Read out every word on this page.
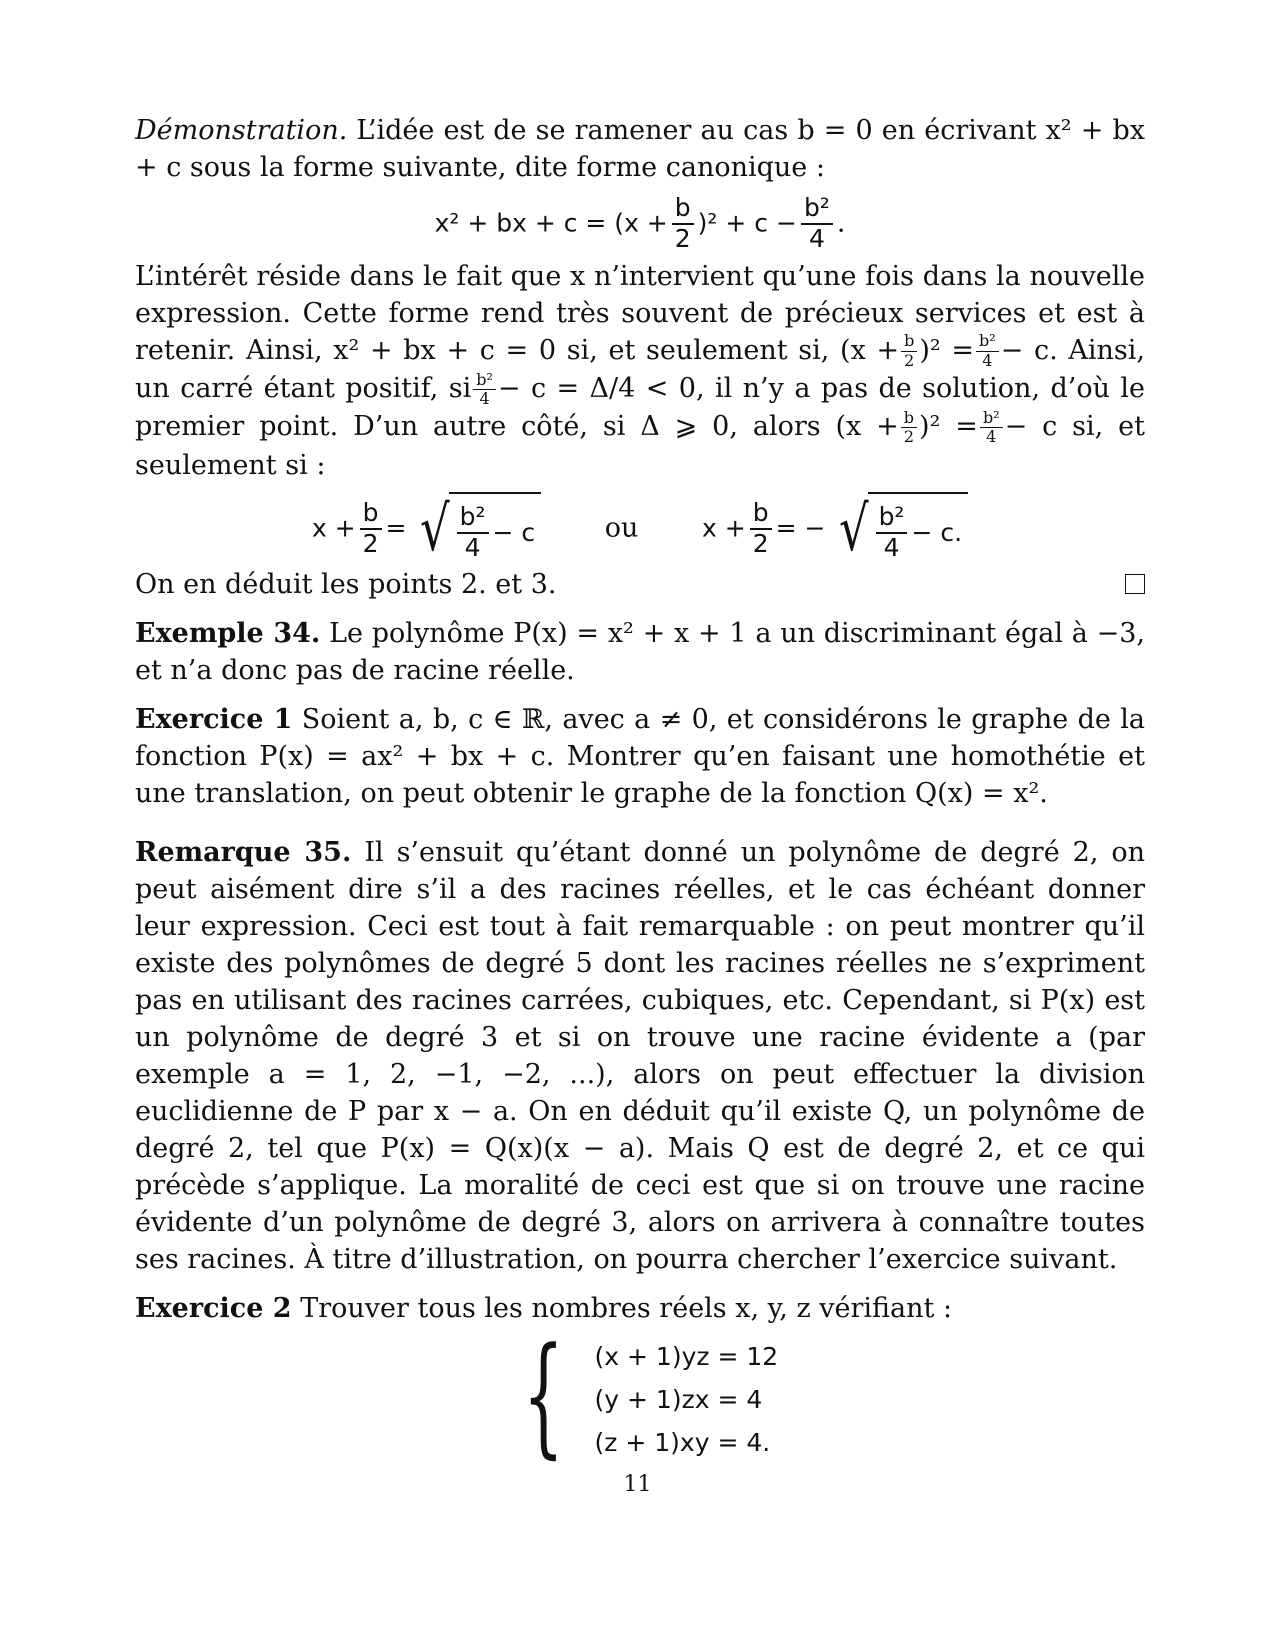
Démonstration. L’idée est de se ramener au cas b = 0 en écrivant x² + bx + c sous la forme suivante, dite forme canonique :

x² + bx + $c = (x + \frac{b}{2} )^2 + c - \frac{\text{b²}}{4}$ .

L’intérêt réside dans le fait que x n’intervient qu’une fois dans la nouvelle expression. Cette forme rend très souvent de précieux services et est à retenir. Ainsi, x² + bx + c = 0 si, et seulement si, $(x + \frac{b}{2} )^2 = \frac{\text{b²}}{4} - c$. Ainsi, un carré étant positif, si $\frac{\text{b²}}{4} - c = \Delta/4 < 0$, il n’y a pas de solution, d’où le premier point. D’un autre côté, si Δ ⩾ 0, alors $(x + \frac{b}{2} )^2 = \frac{\text{b²}}{4} - c$ si, et seulement si :

$x + \frac{b}{2}$ = √ $\frac{\text{b²}}{4} - c$	ou	$x + \frac{b}{2}$ = − √ $\frac{\text{b²}}{4} - c$.

On en déduit les points 2. et 3.

Exemple 34. Le polynôme P(x) = x² + x + 1 a un discriminant égal à −3, et n’a donc pas de racine réelle.

Exercice 1 Soient a, b, c ∈ ℝ, avec a ≠ 0, et considérons le graphe de la fonction P(x) = ax² + bx + c. Montrer qu’en faisant une homothétie et une translation, on peut obtenir le graphe de la fonction Q(x) = x².

Remarque 35. Il s’ensuit qu’étant donné un polynôme de degré 2, on peut aisément dire s’il a des racines réelles, et le cas échéant donner leur expression. Ceci est tout à fait remarquable : on peut montrer qu’il existe des polynômes de degré 5 dont les racines réelles ne s’expriment pas en utilisant des racines carrées, cubiques, etc. Cependant, si P(x) est un polynôme de degré 3 et si on trouve une racine évidente a (par exemple a = 1, 2, −1, −2, ...), alors on peut effectuer la division euclidienne de P par x − a. On en déduit qu’il existe Q, un polynôme de degré 2, tel que P(x) = Q(x)(x − a). Mais Q est de degré 2, et ce qui précède s’applique. La moralité de ceci est que si on trouve une racine évidente d’un polynôme de degré 3, alors on arrivera à connaître toutes ses racines. À titre d’illustration, on pourra chercher l’exercice suivant.

Exercice 2 Trouver tous les nombres réels x, y, z vérifiant :

{ (x + 1)yz = 12

(y + 1)zx = 4

(z + 1)xy = 4.

11
